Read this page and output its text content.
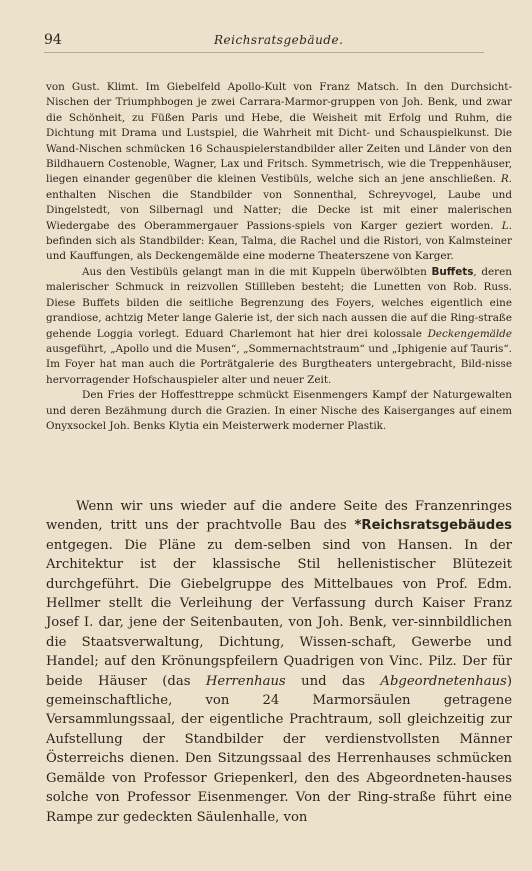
94	Reichsratsgebäude.

von Gust. Klimt. Im Giebelfeld Apollo-Kult von Franz Matsch. In den Durchsicht-Nischen der Triumphbogen je zwei Carrara-Marmor-gruppen von Joh. Benk, und zwar die Schönheit, zu Füßen Paris und Hebe, die Weisheit mit Erfolg und Ruhm, die Dichtung mit Drama und Lustspiel, die Wahrheit mit Dicht- und Schauspielkunst. Die Wand-Nischen schmücken 16 Schauspielerstandbilder aller Zeiten und Länder von den Bildhauern Costenoble, Wagner, Lax und Fritsch. Symmetrisch, wie die Treppenhäuser, liegen einander gegenüber die kleinen Vestibüls, welche sich an jene anschließen. R. enthalten Nischen die Standbilder von Sonnenthal, Schreyvogel, Laube und Dingelstedt, von Silbernagl und Natter; die Decke ist mit einer malerischen Wiedergabe des Oberammergauer Passions-spiels von Karger geziert worden. L. befinden sich als Standbilder: Kean, Talma, die Rachel und die Ristori, von Kalmsteiner und Kauffungen, als Deckengemälde eine moderne Theaterszene von Karger.

Aus den Vestibüls gelangt man in die mit Kuppeln überwölbten Buffets, deren malerischer Schmuck in reizvollen Stillleben besteht; die Lunetten von Rob. Russ. Diese Buffets bilden die seitliche Begrenzung des Foyers, welches eigentlich eine grandiose, achtzig Meter lange Galerie ist, der sich nach aussen die auf die Ring-straße gehende Loggia vorlegt. Eduard Charlemont hat hier drei kolossale Deckengemälde ausgeführt, „Apollo und die Musen“, „Sommernachtstraum“ und „Iphigenie auf Tauris“. Im Foyer hat man auch die Porträtgalerie des Burgtheaters untergebracht, Bild-nisse hervorragender Hofschauspieler alter und neuer Zeit.

Den Fries der Hoffesttreppe schmückt Eisenmengers Kampf der Naturgewalten und deren Bezähmung durch die Grazien. In einer Nische des Kaiserganges auf einem Onyxsockel Joh. Benks Klytia ein Meisterwerk moderner Plastik.

Wenn wir uns wieder auf die andere Seite des Franzenringes wenden, tritt uns der prachtvolle Bau des *Reichsratsgebäudes entgegen. Die Pläne zu dem-selben sind von Hansen. In der Architektur ist der klassische Stil hellenistischer Blütezeit durchgeführt. Die Giebelgruppe des Mittelbaues von Prof. Edm. Hellmer stellt die Verleihung der Verfassung durch Kaiser Franz Josef I. dar, jene der Seitenbauten, von Joh. Benk, ver-sinnbildlichen die Staatsverwaltung, Dichtung, Wissen-schaft, Gewerbe und Handel; auf den Krönungspfeilern Quadrigen von Vinc. Pilz. Der für beide Häuser (das Herrenhaus und das Abgeordnetenhaus) gemeinschaftliche, von 24 Marmorsäulen getragene Versammlungssaal, der eigentliche Prachtraum, soll gleichzeitig zur Aufstellung der Standbilder der verdienstvollsten Männer Österreichs dienen. Den Sitzungssaal des Herrenhauses schmücken Gemälde von Professor Griepenkerl, den des Abgeordneten-hauses solche von Professor Eisenmenger. Von der Ring-straße führt eine Rampe zur gedeckten Säulenhalle, von
